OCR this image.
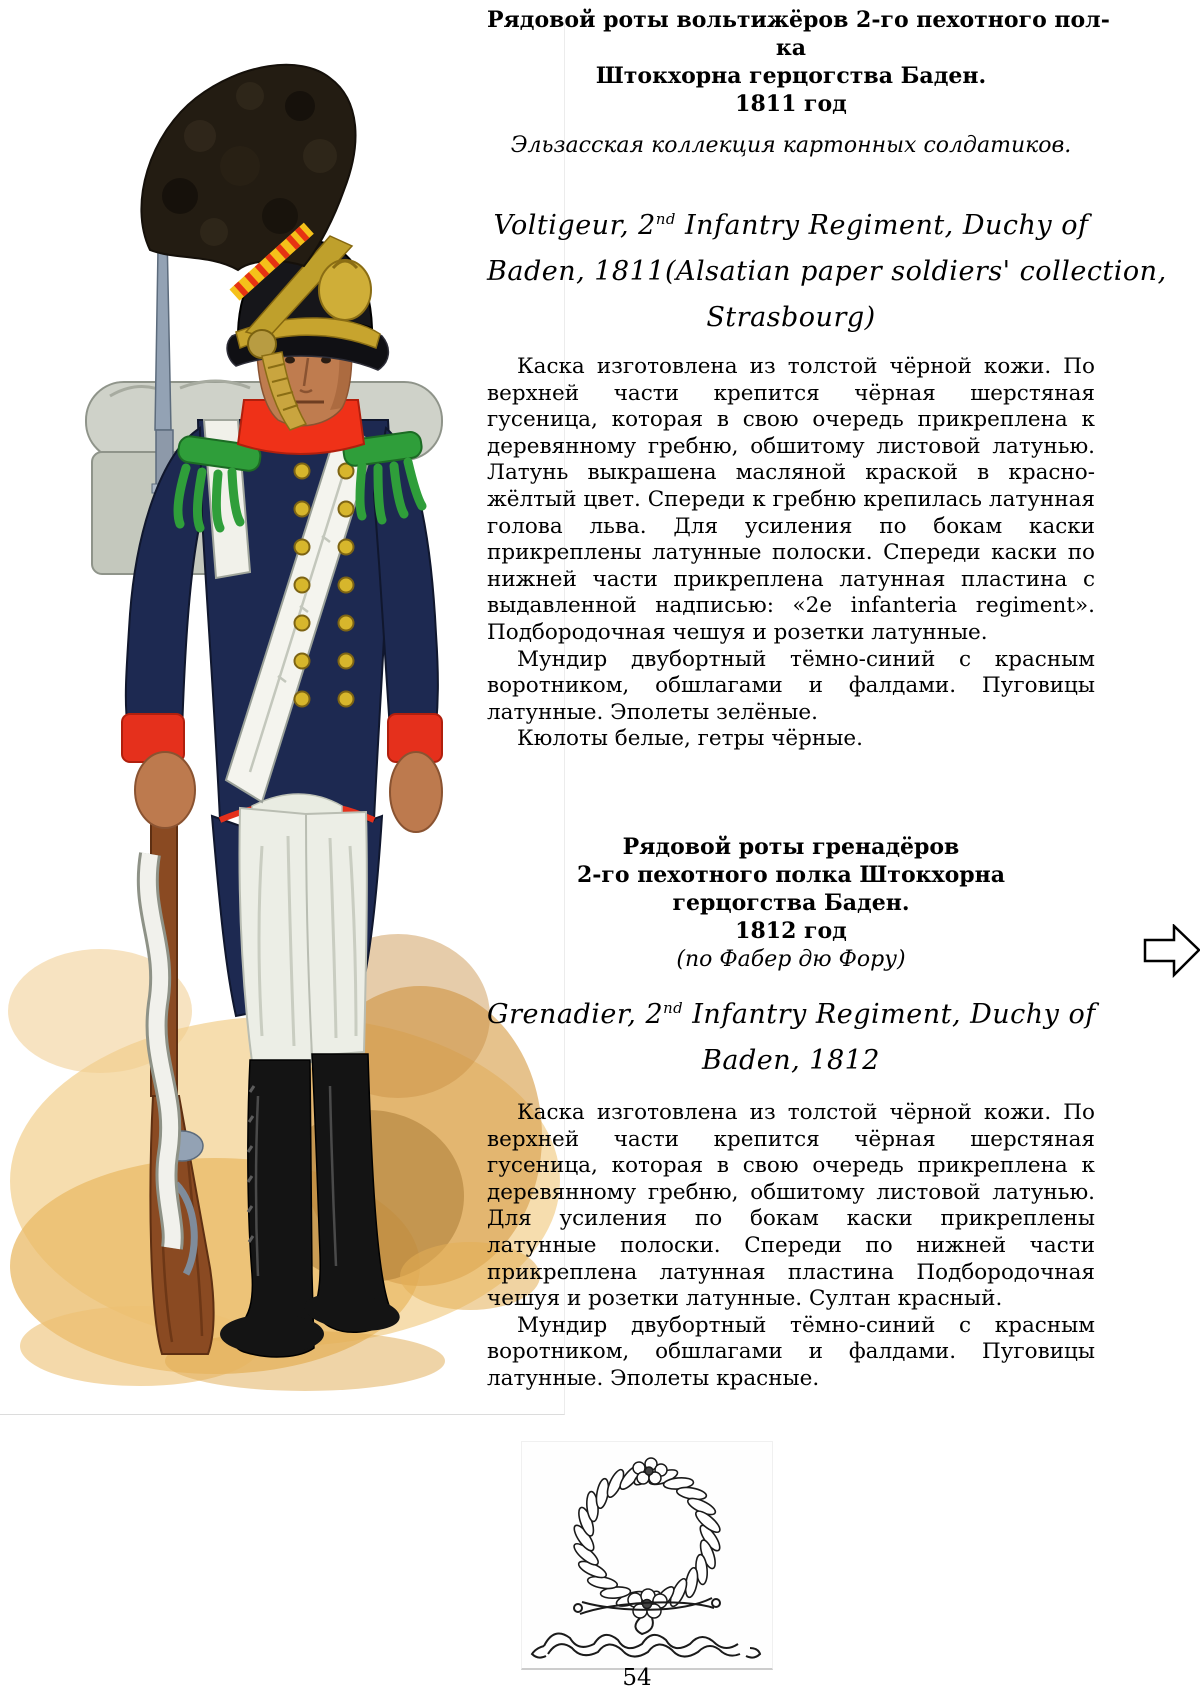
Рядовой роты вольтижёров 2-го пехотного пол-
ка
Штокхорна герцогства Баден.
1811 год
Эльзасская коллекция картонных солдатиков.
Voltigeur, 2nd Infantry Regiment, Duchy of
Baden, 1811(Alsatian paper soldiers' collection,
Strasbourg)

Каска изготовлена из толстой чёрной кожи. По верхней части крепится чёрная шерстяная гусеница, которая в свою очередь прикреплена к деревянному гребню, обшитому листовой латунью. Латунь выкрашена масляной краской в красно-жёлтый цвет. Спереди к гребню крепилась латунная голова льва. Для усиления по бокам каски прикреплены латунные полоски. Спереди каски по нижней части прикреплена латунная пластина с выдавленной надписью: «2e infanteria regiment». Подбородочная чешуя и розетки латунные.

Мундир двубортный тёмно-синий с красным воротником, обшлагами и фалдами. Пуговицы латунные. Эполеты зелёные.

Кюлоты белые, гетры чёрные.

Рядовой роты гренадёров
2-го пехотного полка Штокхорна
герцогства Баден.
1812 год
(по Фабер дю Фору)
Grenadier, 2nd Infantry Regiment, Duchy of
Baden, 1812

Каска изготовлена из толстой чёрной кожи. По верхней части крепится чёрная шерстяная гусеница, которая в свою очередь прикреплена к деревянному гребню, обшитому листовой латунью. Для усиления по бокам каски прикреплены латунные полоски. Спереди по нижней части прикреплена латунная пластина Подбородочная чешуя и розетки латунные. Султан красный.

Мундир двубортный тёмно-синий с красным воротником, обшлагами и фалдами. Пуговицы латунные. Эполеты красные.

54
